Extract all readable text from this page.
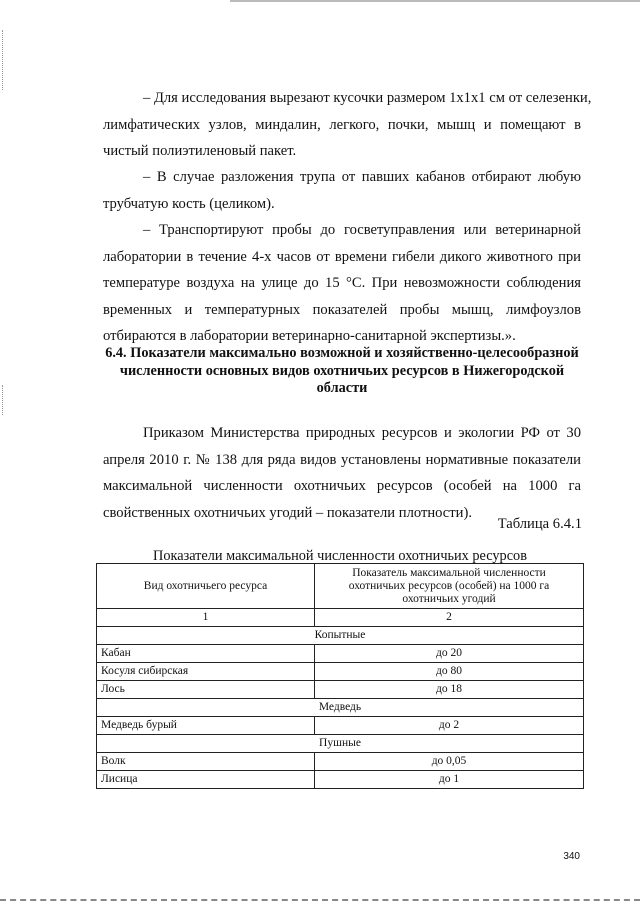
– Для исследования вырезают кусочки размером 1х1х1 см от селезенки,
лимфатических узлов, миндалин, легкого, почки, мышц и помещают в
чистый полиэтиленовый пакет.
– В случае разложения трупа от павших кабанов отбирают любую
трубчатую кость (целиком).
– Транспортируют пробы до госветуправления или ветеринарной
лаборатории в течение 4-х часов от времени гибели дикого животного при
температуре воздуха на улице до 15 °С. При невозможности соблюдения
временных и температурных показателей пробы мышц, лимфоузлов
отбираются в лаборатории ветеринарно-санитарной экспертизы.».
6.4. Показатели максимально возможной и хозяйственно-целесообразной
численности основных видов охотничьих ресурсов в Нижегородской
области
Приказом Министерства природных ресурсов и экологии РФ от 30
апреля 2010 г. № 138 для ряда видов установлены нормативные показатели
максимальной численности охотничьих ресурсов (особей на 1000 га
свойственных охотничьих угодий – показатели плотности).
Таблица 6.4.1
Показатели максимальной численности охотничьих ресурсов
Вид охотничьего ресурса	Показатель максимальной численности
охотничьих ресурсов (особей) на 1000 га
охотничьих угодий

1	2
Копытные	
Кабан	до 20
Косуля сибирская	до 80
Лось	до 18
Медведь	
Медведь бурый	до 2
Пушные	
Волк	до 0,05
Лисица	до 1
340
